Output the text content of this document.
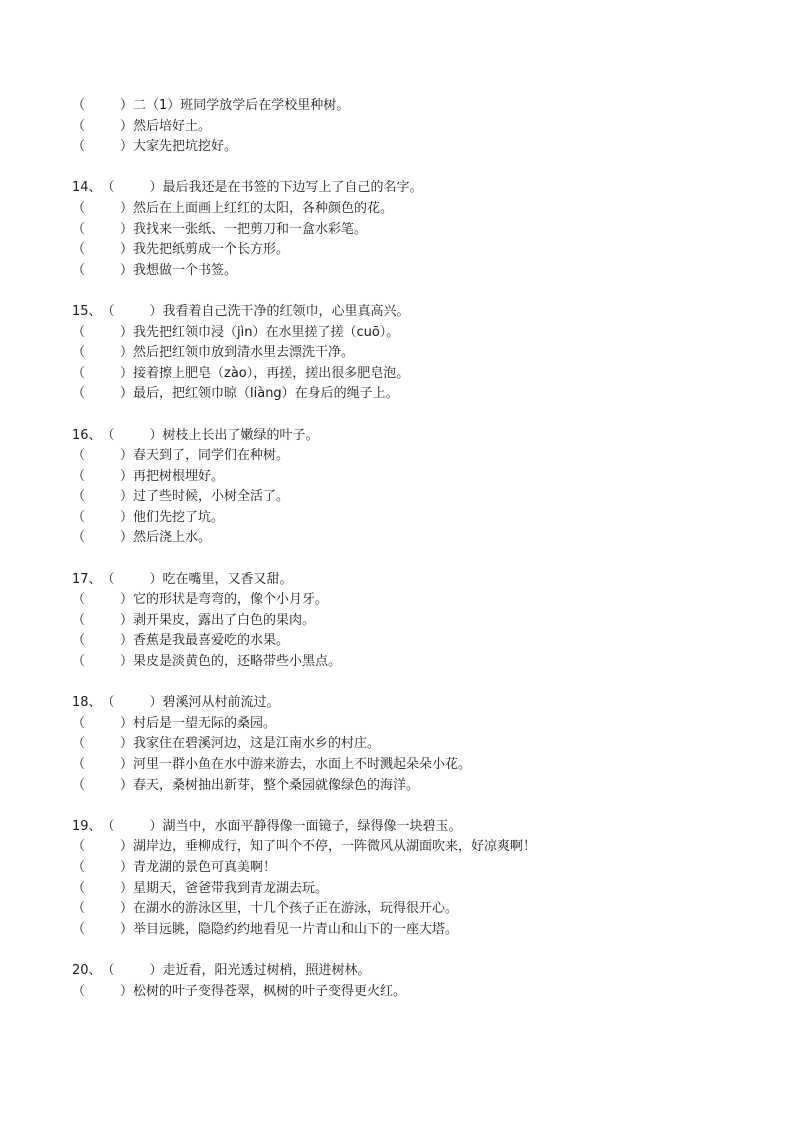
（	）二（1）班同学放学后在学校里种树。
（	）然后培好土。
（	）大家先把坑挖好。
14、（	）最后我还是在书签的下边写上了自己的名字。
（	）然后在上面画上红红的太阳，各种颜色的花。
（	）我找来一张纸、一把剪刀和一盒水彩笔。
（	）我先把纸剪成一个长方形。
（	）我想做一个书签。
15、（	）我看着自己洗干净的红领巾，心里真高兴。
（	）我先把红领巾浸（jìn）在水里搓了搓（cuō）。
（	）然后把红领巾放到清水里去漂洗干净。
（	）接着擦上肥皂（zào），再搓，搓出很多肥皂泡。
（	）最后，把红领巾晾（liàng）在身后的绳子上。
16、（	）树枝上长出了嫩绿的叶子。
（	）春天到了，同学们在种树。
（	）再把树根埋好。
（	）过了些时候，小树全活了。
（	）他们先挖了坑。
（	）然后浇上水。
17、（	）吃在嘴里，又香又甜。
（	）它的形状是弯弯的，像个小月牙。
（	）剥开果皮，露出了白色的果肉。
（	）香蕉是我最喜爱吃的水果。
（	）果皮是淡黄色的，还略带些小黑点。
18、（	）碧溪河从村前流过。
（	）村后是一望无际的桑园。
（	）我家住在碧溪河边，这是江南水乡的村庄。
（	）河里一群小鱼在水中游来游去，水面上不时溅起朵朵小花。
（	）春天，桑树抽出新芽，整个桑园就像绿色的海洋。
19、（	）湖当中，水面平静得像一面镜子，绿得像一块碧玉。
（	）湖岸边，垂柳成行，知了叫个不停，一阵微风从湖面吹来，好凉爽啊！
（	）青龙湖的景色可真美啊！
（	）星期天，爸爸带我到青龙湖去玩。
（	）在湖水的游泳区里，十几个孩子正在游泳，玩得很开心。
（	）举目远眺，隐隐约约地看见一片青山和山下的一座大塔。
20、（	）走近看，阳光透过树梢，照进树林。
（	）松树的叶子变得苍翠，枫树的叶子变得更火红。
